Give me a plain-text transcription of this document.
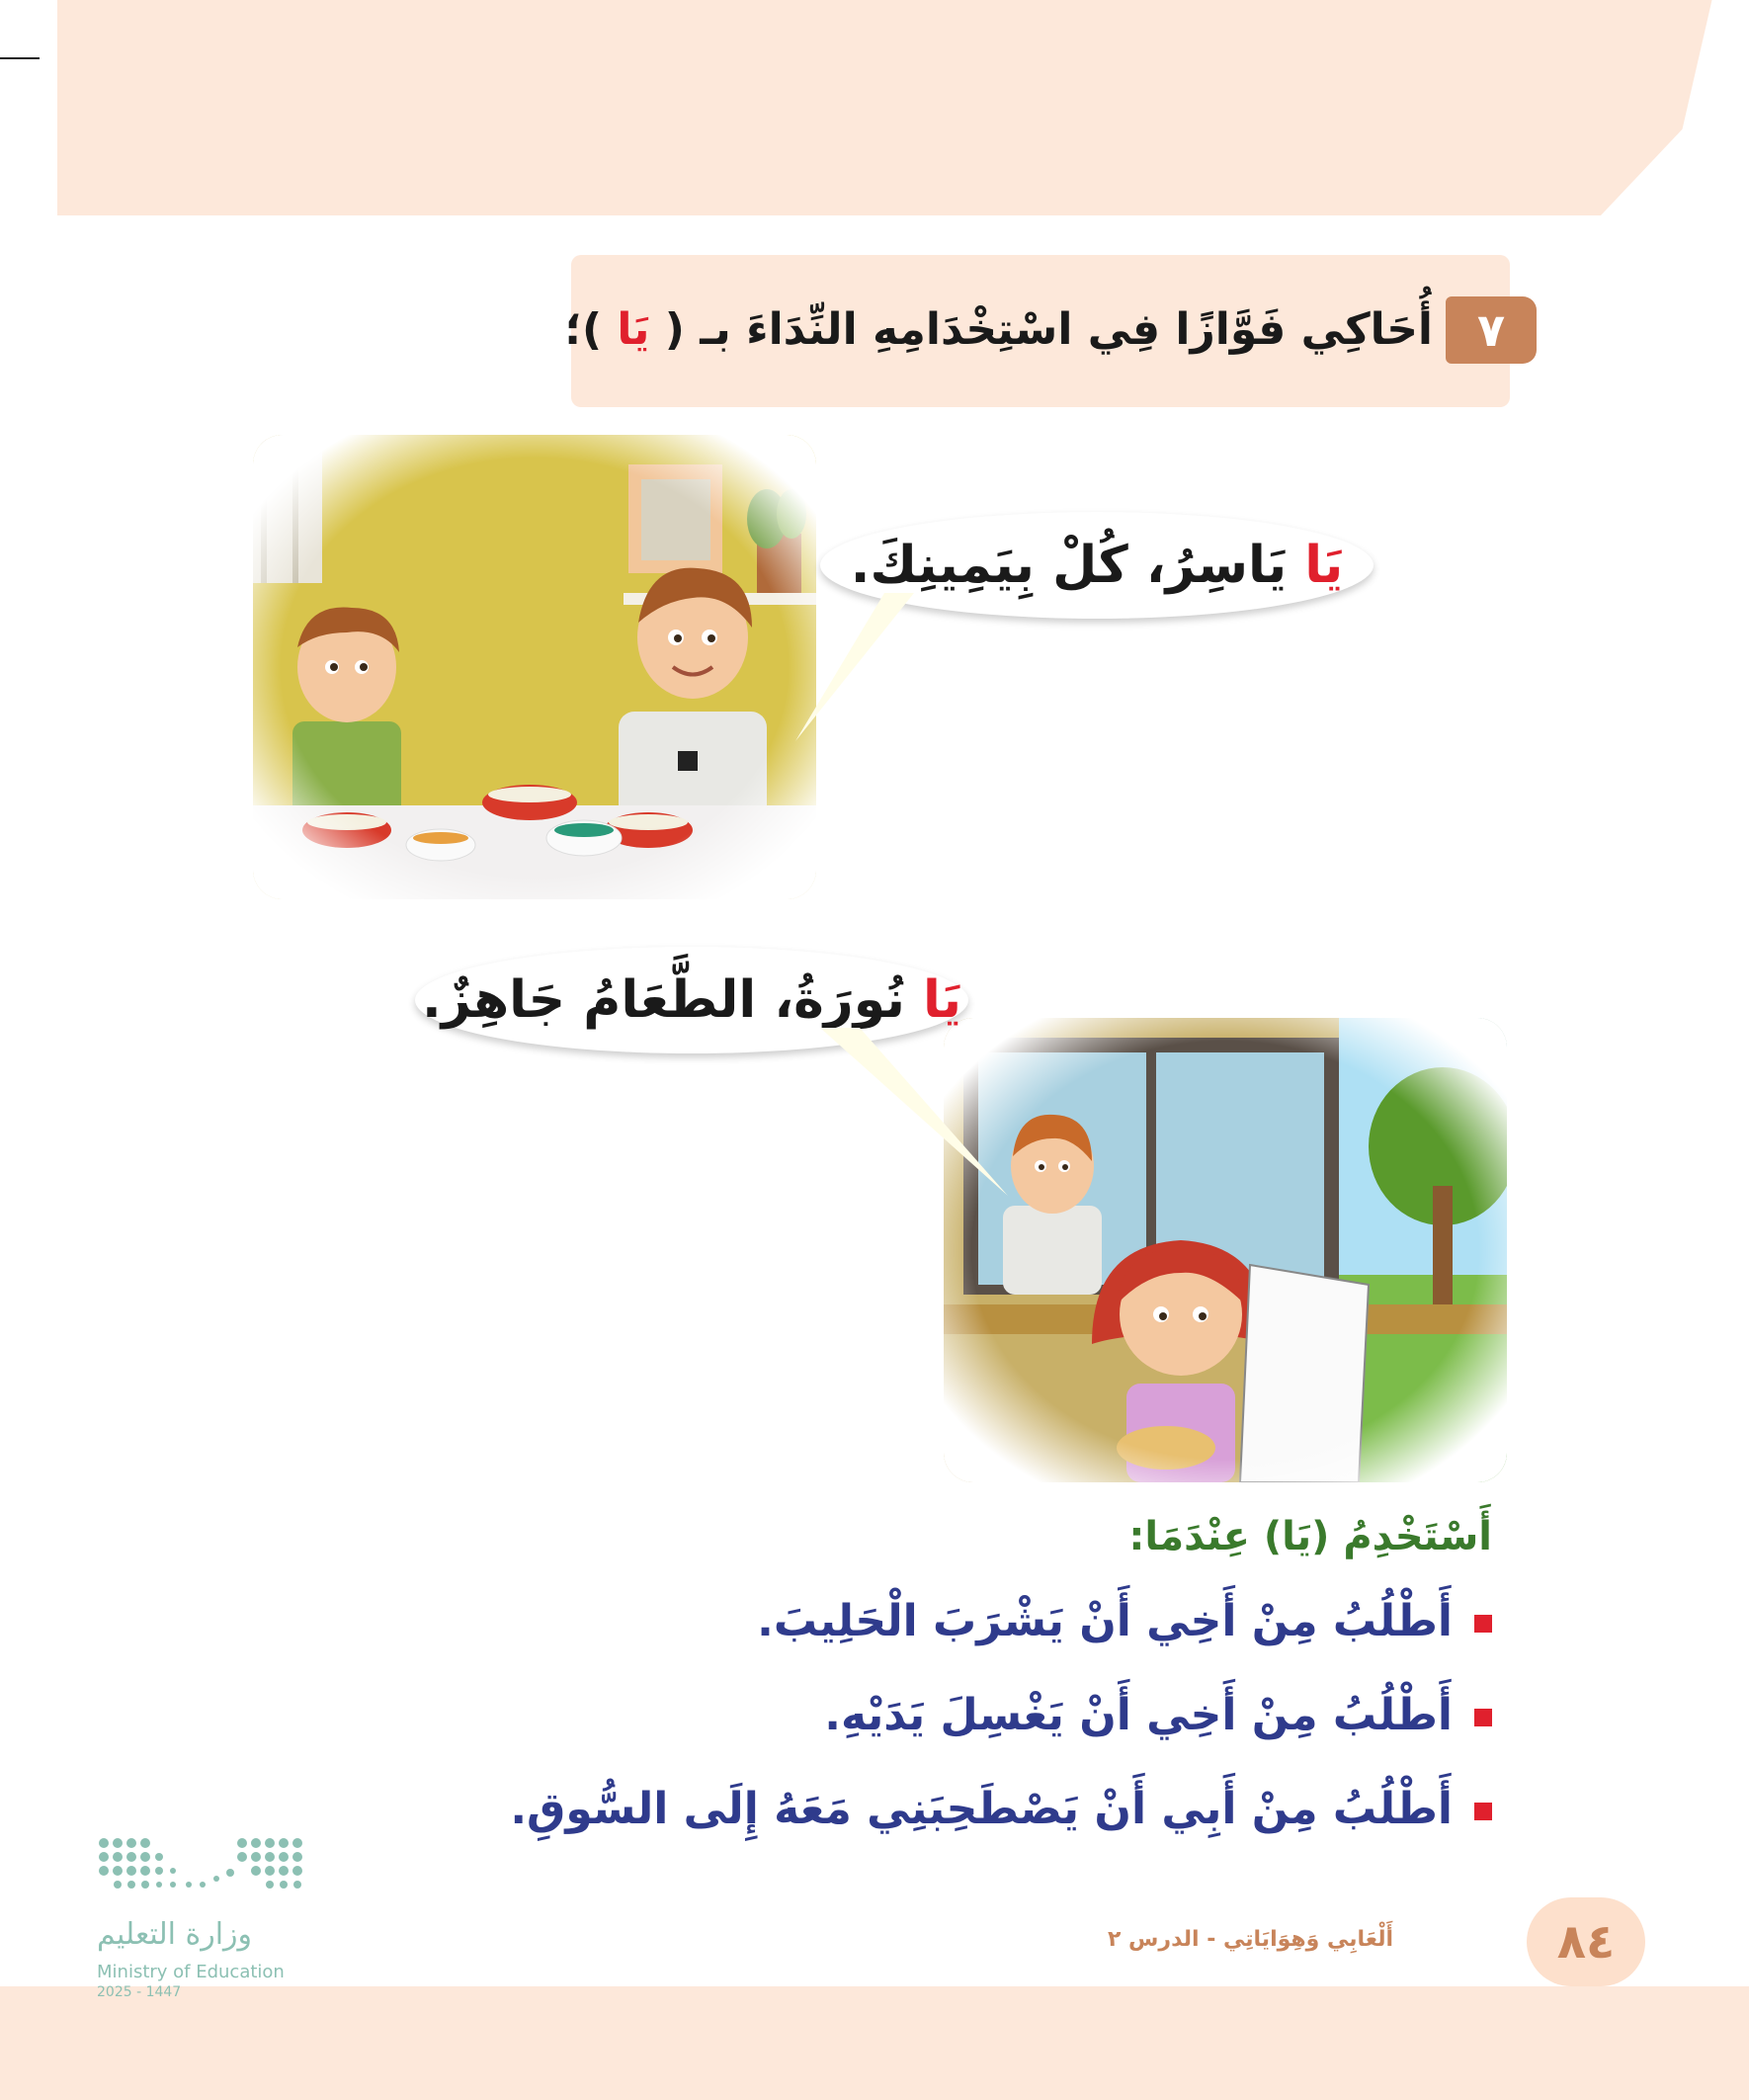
٧
أُحَاكِي فَوَّازًا فِي اسْتِخْدَامِهِ النِّدَاءَ بـ ( يَا )؛
يَا يَاسِرُ، كُلْ بِيَمِينِكَ.
يَا نُورَةُ، الطَّعَامُ جَاهِزٌ.
أَسْتَخْدِمُ (يَا) عِنْدَمَا:
أَطْلُبُ مِنْ أَخِي أَنْ يَشْرَبَ الْحَلِيبَ.
أَطْلُبُ مِنْ أَخِي أَنْ يَغْسِلَ يَدَيْهِ.
أَطْلُبُ مِنْ أَبِي أَنْ يَصْطَحِبَنِي مَعَهُ إِلَى السُّوقِ.
٨٤
أَلْعَابِي وَهِوَايَاتِي - الدرس ٢
وزارة التعليم
Ministry of Education
2025 - 1447
